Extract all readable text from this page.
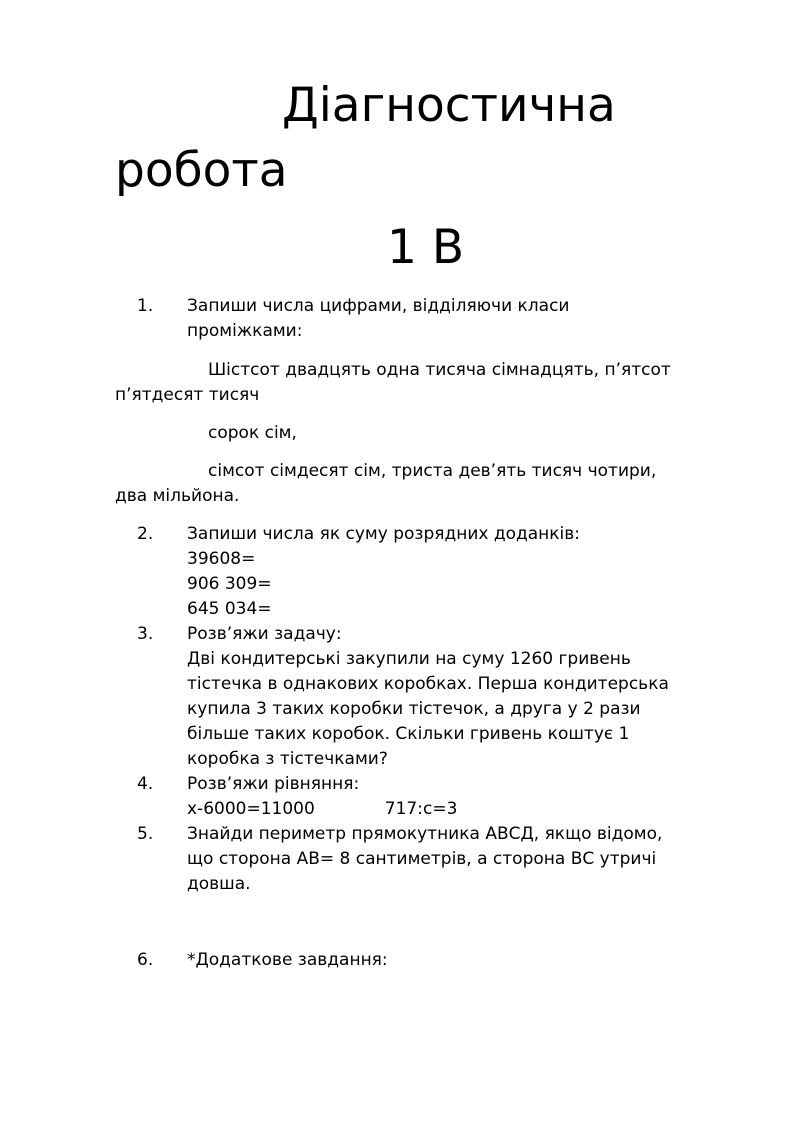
Діагностична
робота
1 В
1. Запиши числа цифрами, відділяючи класи
проміжками:
Шістсот двадцять одна тисяча сімнадцять, п’ятсот
п’ятдесят тисяч
сорок сім,
сімсот сімдесят сім, триста дев’ять тисяч чотири,
два мільйона.
2. Запиши числа як суму розрядних доданків:
39608=
906 309=
645 034=
3. Розв’яжи задачу:
Дві кондитерські закупили на суму 1260 гривень
тістечка в однакових коробках. Перша кондитерська
купила 3 таких коробки тістечок, а друга у 2 рази
більше таких коробок. Скільки гривень коштує 1
коробка з тістечками?
4. Розв’яжи рівняння:
х-6000=11000	717:с=3
5. Знайди периметр прямокутника АВСД, якщо відомо,
що сторона АВ= 8 сантиметрів, а сторона ВС утричі
довша.
6. *Додаткове завдання:
